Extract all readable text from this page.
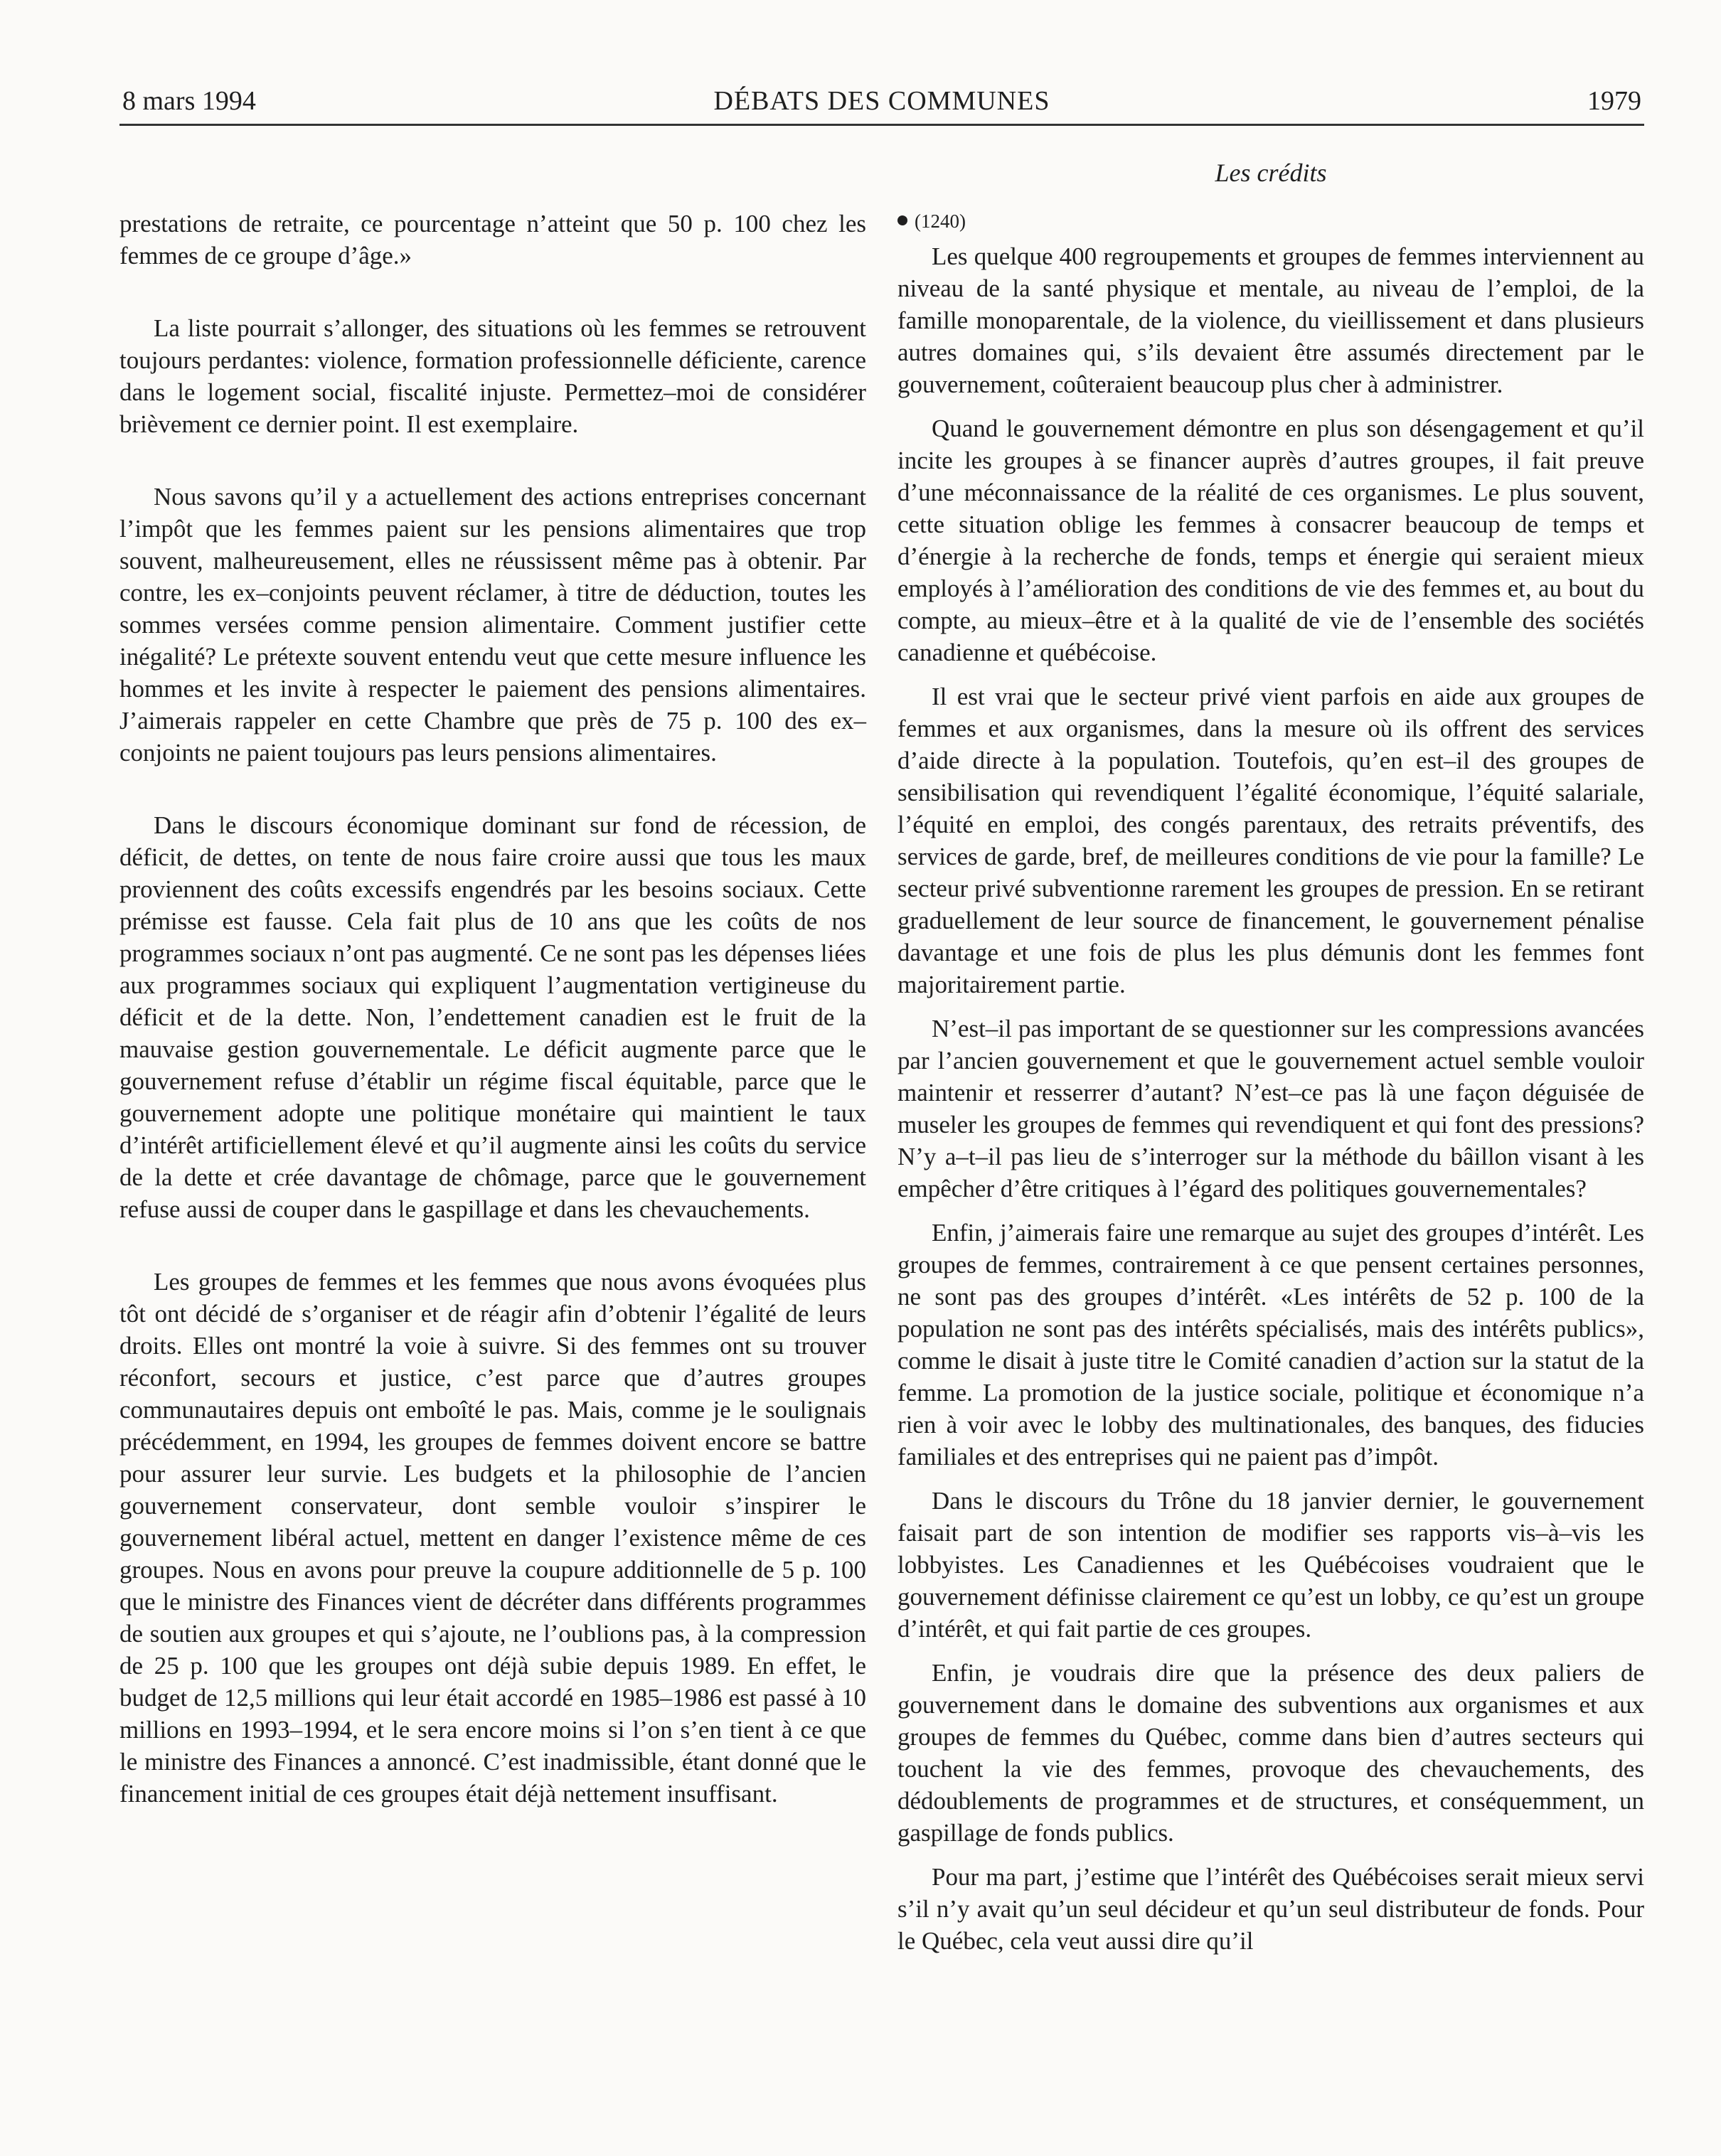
8 mars 1994	DÉBATS DES COMMUNES	1979
Les crédits

prestations de retraite, ce pourcentage n’atteint que 50 p. 100 chez les femmes de ce groupe d’âge.»

La liste pourrait s’allonger, des situations où les femmes se retrouvent toujours perdantes: violence, formation professionnelle déficiente, carence dans le logement social, fiscalité injuste. Permettez–moi de considérer brièvement ce dernier point. Il est exemplaire.

Nous savons qu’il y a actuellement des actions entreprises concernant l’impôt que les femmes paient sur les pensions alimentaires que trop souvent, malheureusement, elles ne réussissent même pas à obtenir. Par contre, les ex–conjoints peuvent réclamer, à titre de déduction, toutes les sommes versées comme pension alimentaire. Comment justifier cette inégalité? Le prétexte souvent entendu veut que cette mesure influence les hommes et les invite à respecter le paiement des pensions alimentaires. J’aimerais rappeler en cette Chambre que près de 75 p. 100 des ex–conjoints ne paient toujours pas leurs pensions alimentaires.

Dans le discours économique dominant sur fond de récession, de déficit, de dettes, on tente de nous faire croire aussi que tous les maux proviennent des coûts excessifs engendrés par les besoins sociaux. Cette prémisse est fausse. Cela fait plus de 10 ans que les coûts de nos programmes sociaux n’ont pas augmenté. Ce ne sont pas les dépenses liées aux programmes sociaux qui expliquent l’augmentation vertigineuse du déficit et de la dette. Non, l’endettement canadien est le fruit de la mauvaise gestion gouvernementale. Le déficit augmente parce que le gouvernement refuse d’établir un régime fiscal équitable, parce que le gouvernement adopte une politique monétaire qui maintient le taux d’intérêt artificiellement élevé et qu’il augmente ainsi les coûts du service de la dette et crée davantage de chômage, parce que le gouvernement refuse aussi de couper dans le gaspillage et dans les chevauchements.

Les groupes de femmes et les femmes que nous avons évoquées plus tôt ont décidé de s’organiser et de réagir afin d’obtenir l’égalité de leurs droits. Elles ont montré la voie à suivre. Si des femmes ont su trouver réconfort, secours et justice, c’est parce que d’autres groupes communautaires depuis ont emboîté le pas. Mais, comme je le soulignais précédemment, en 1994, les groupes de femmes doivent encore se battre pour assurer leur survie. Les budgets et la philosophie de l’ancien gouvernement conservateur, dont semble vouloir s’inspirer le gouvernement libéral actuel, mettent en danger l’existence même de ces groupes. Nous en avons pour preuve la coupure additionnelle de 5 p. 100 que le ministre des Finances vient de décréter dans différents programmes de soutien aux groupes et qui s’ajoute, ne l’oublions pas, à la compression de 25 p. 100 que les groupes ont déjà subie depuis 1989. En effet, le budget de 12,5 millions qui leur était accordé en 1985–1986 est passé à 10 millions en 1993–1994, et le sera encore moins si l’on s’en tient à ce que le ministre des Finances a annoncé. C’est inadmissible, étant donné que le financement initial de ces groupes était déjà nettement insuffisant.

(1240)

Les quelque 400 regroupements et groupes de femmes interviennent au niveau de la santé physique et mentale, au niveau de l’emploi, de la famille monoparentale, de la violence, du vieillissement et dans plusieurs autres domaines qui, s’ils devaient être assumés directement par le gouvernement, coûteraient beaucoup plus cher à administrer.

Quand le gouvernement démontre en plus son désengagement et qu’il incite les groupes à se financer auprès d’autres groupes, il fait preuve d’une méconnaissance de la réalité de ces organismes. Le plus souvent, cette situation oblige les femmes à consacrer beaucoup de temps et d’énergie à la recherche de fonds, temps et énergie qui seraient mieux employés à l’amélioration des conditions de vie des femmes et, au bout du compte, au mieux–être et à la qualité de vie de l’ensemble des sociétés canadienne et québécoise.

Il est vrai que le secteur privé vient parfois en aide aux groupes de femmes et aux organismes, dans la mesure où ils offrent des services d’aide directe à la population. Toutefois, qu’en est–il des groupes de sensibilisation qui revendiquent l’égalité économique, l’équité salariale, l’équité en emploi, des congés parentaux, des retraits préventifs, des services de garde, bref, de meilleures conditions de vie pour la famille? Le secteur privé subventionne rarement les groupes de pression. En se retirant graduellement de leur source de financement, le gouvernement pénalise davantage et une fois de plus les plus démunis dont les femmes font majoritairement partie.

N’est–il pas important de se questionner sur les compressions avancées par l’ancien gouvernement et que le gouvernement actuel semble vouloir maintenir et resserrer d’autant? N’est–ce pas là une façon déguisée de museler les groupes de femmes qui revendiquent et qui font des pressions? N’y a–t–il pas lieu de s’interroger sur la méthode du bâillon visant à les empêcher d’être critiques à l’égard des politiques gouvernementales?

Enfin, j’aimerais faire une remarque au sujet des groupes d’intérêt. Les groupes de femmes, contrairement à ce que pensent certaines personnes, ne sont pas des groupes d’intérêt. «Les intérêts de 52 p. 100 de la population ne sont pas des intérêts spécialisés, mais des intérêts publics», comme le disait à juste titre le Comité canadien d’action sur la statut de la femme. La promotion de la justice sociale, politique et économique n’a rien à voir avec le lobby des multinationales, des banques, des fiducies familiales et des entreprises qui ne paient pas d’impôt.

Dans le discours du Trône du 18 janvier dernier, le gouvernement faisait part de son intention de modifier ses rapports vis–à–vis les lobbyistes. Les Canadiennes et les Québécoises voudraient que le gouvernement définisse clairement ce qu’est un lobby, ce qu’est un groupe d’intérêt, et qui fait partie de ces groupes.

Enfin, je voudrais dire que la présence des deux paliers de gouvernement dans le domaine des subventions aux organismes et aux groupes de femmes du Québec, comme dans bien d’autres secteurs qui touchent la vie des femmes, provoque des chevauchements, des dédoublements de programmes et de structures, et conséquemment, un gaspillage de fonds publics.

Pour ma part, j’estime que l’intérêt des Québécoises serait mieux servi s’il n’y avait qu’un seul décideur et qu’un seul distributeur de fonds. Pour le Québec, cela veut aussi dire qu’il
